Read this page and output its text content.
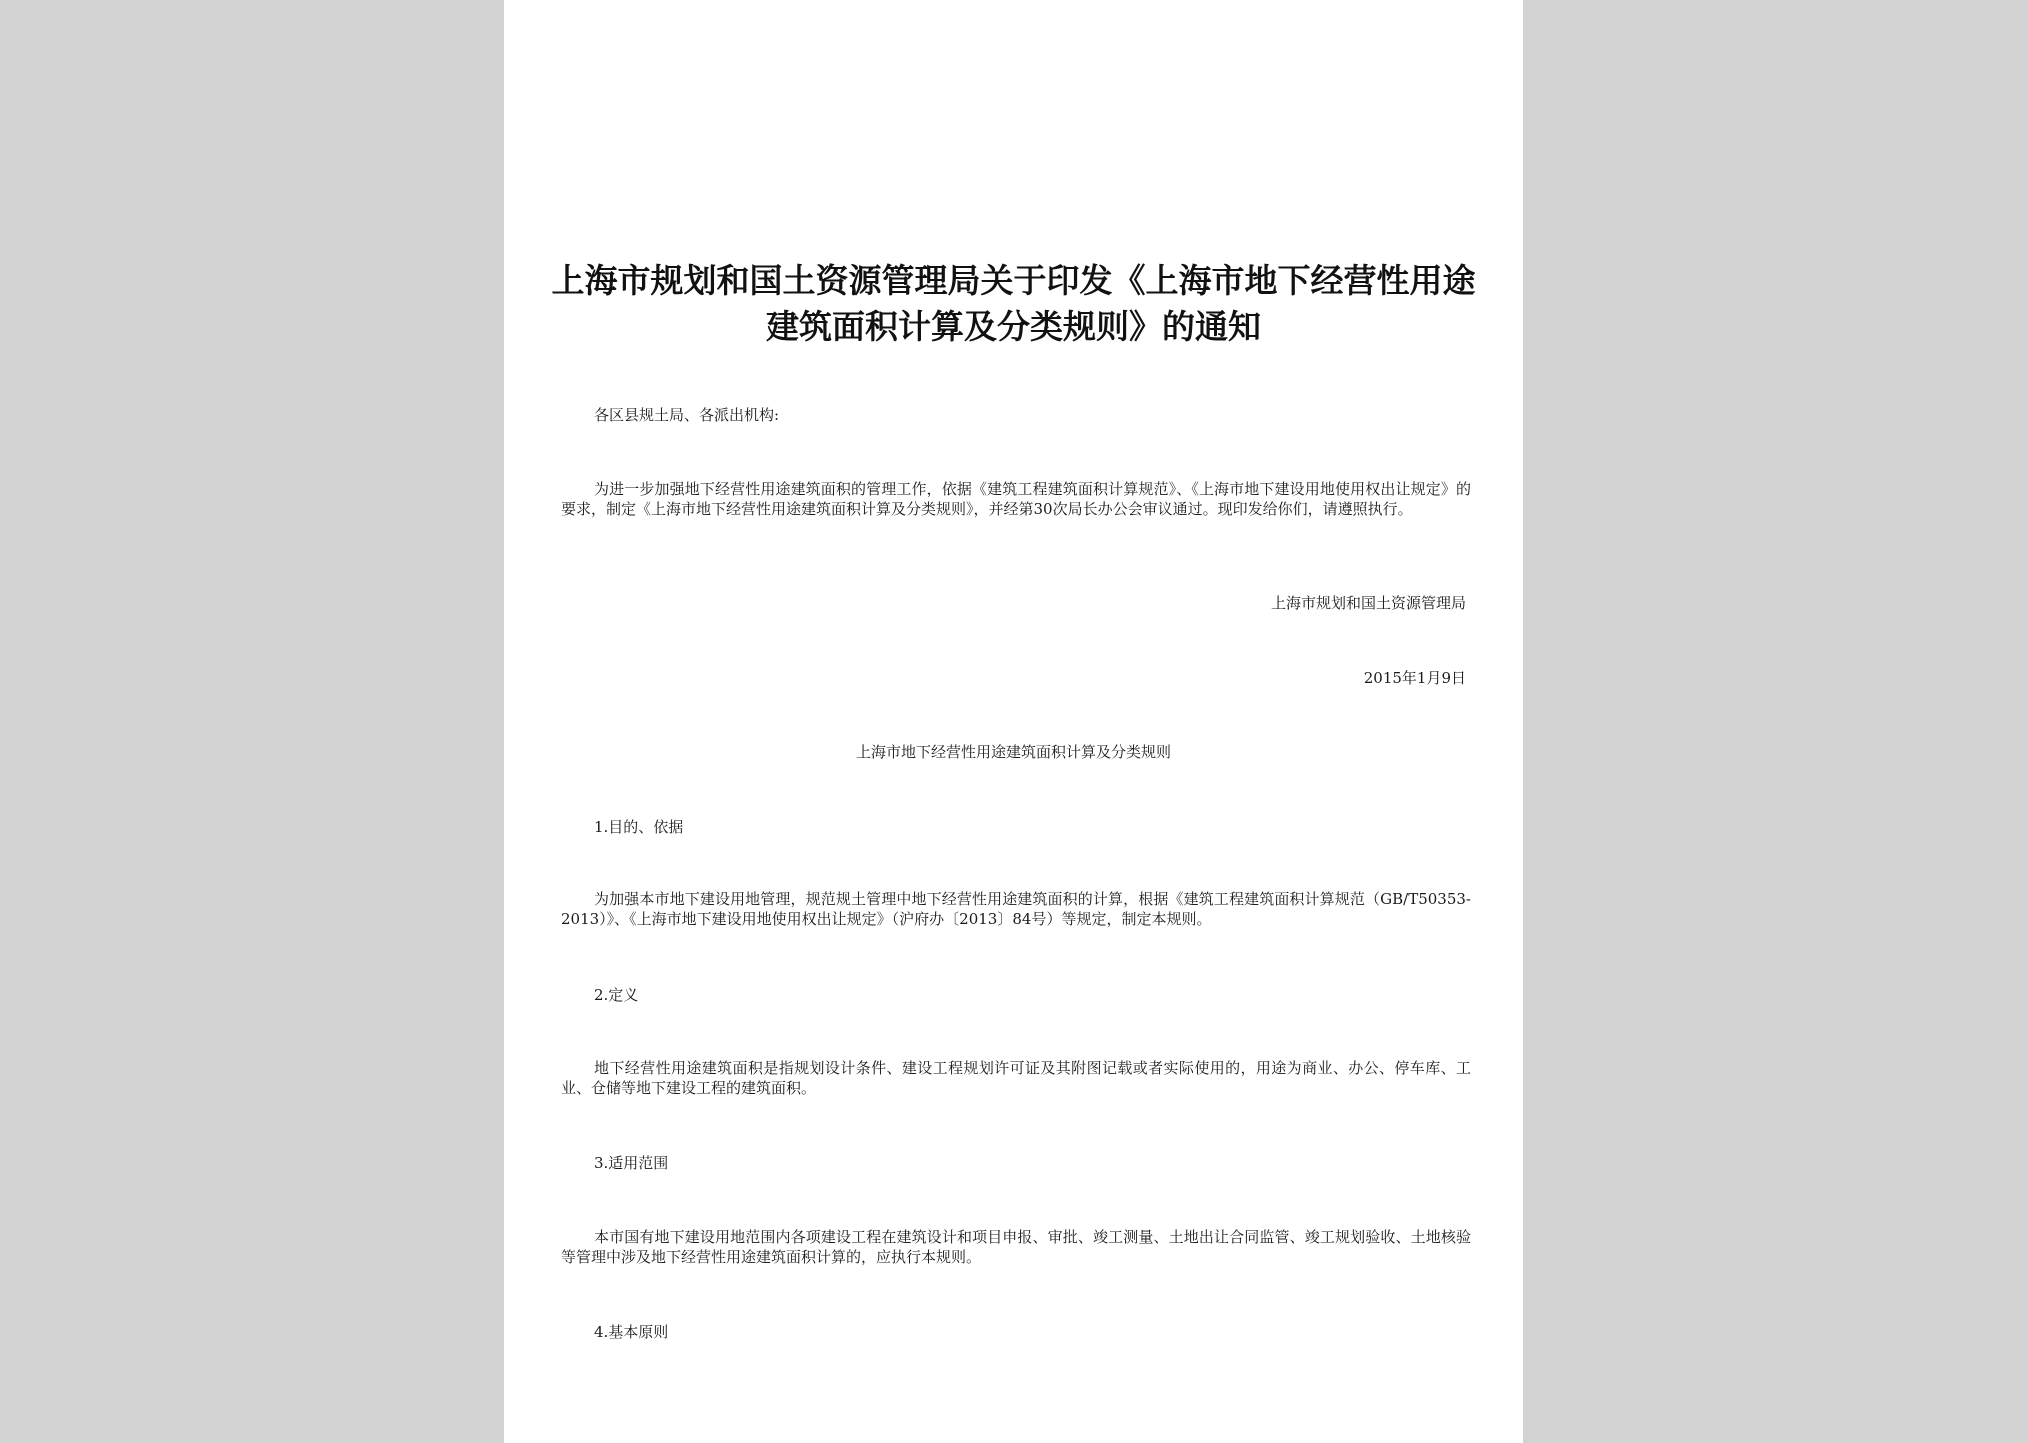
上海市规划和国土资源管理局关于印发《上海市地下经营性用途建筑面积计算及分类规则》的通知
各区县规土局、各派出机构:
为进一步加强地下经营性用途建筑面积的管理工作，依据《建筑工程建筑面积计算规范》、《上海市地下建设用地使用权出让规定》的要求，制定《上海市地下经营性用途建筑面积计算及分类规则》，并经第30次局长办公会审议通过。现印发给你们，请遵照执行。
上海市规划和国土资源管理局
2015年1月9日
上海市地下经营性用途建筑面积计算及分类规则
1.目的、依据
为加强本市地下建设用地管理，规范规土管理中地下经营性用途建筑面积的计算，根据《建筑工程建筑面积计算规范（GB/T50353-2013）》、《上海市地下建设用地使用权出让规定》（沪府办〔2013〕84号）等规定，制定本规则。
2.定义
地下经营性用途建筑面积是指规划设计条件、建设工程规划许可证及其附图记载或者实际使用的，用途为商业、办公、停车库、工业、仓储等地下建设工程的建筑面积。
3.适用范围
本市国有地下建设用地范围内各项建设工程在建筑设计和项目申报、审批、竣工测量、土地出让合同监管、竣工规划验收、土地核验等管理中涉及地下经营性用途建筑面积计算的，应执行本规则。
4.基本原则
